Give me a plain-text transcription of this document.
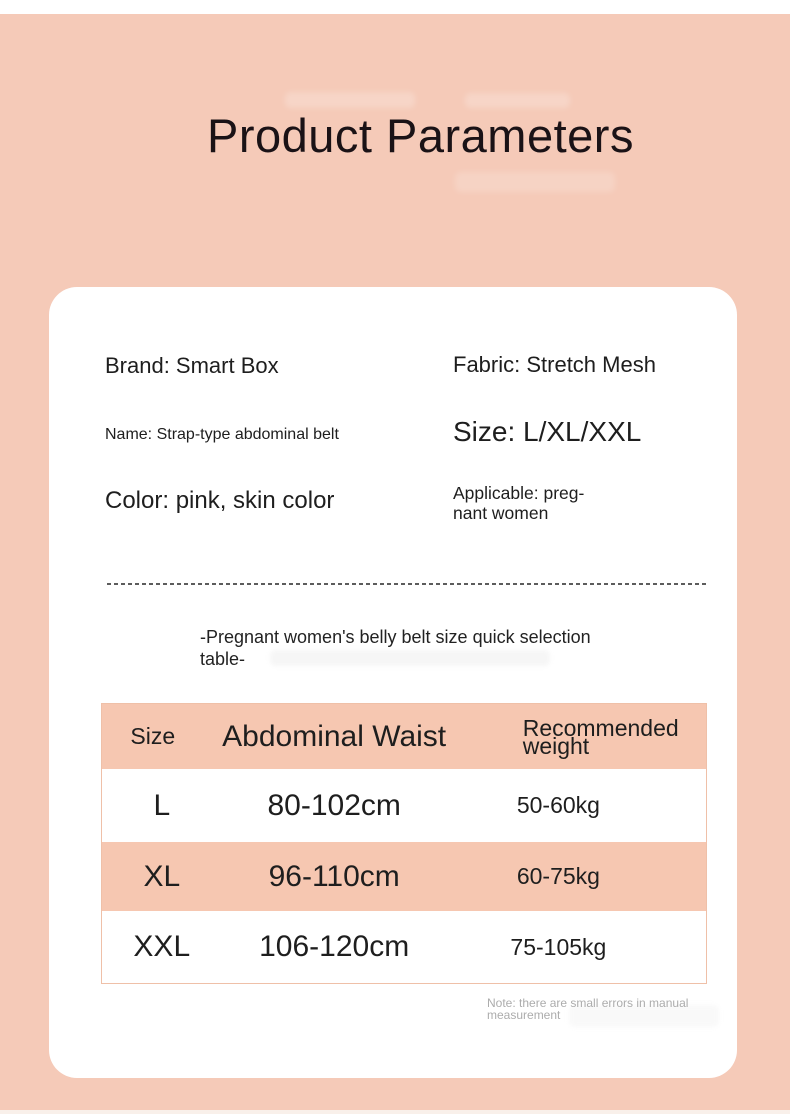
Product Parameters
Brand: Smart Box
Name: Strap-type abdominal belt
Color: pink, skin color
Fabric: Stretch Mesh
Size: L/XL/XXL
Applicable: preg-nant women
-Pregnant women's belly belt size quick selection table-
Size	Abdominal Waist	Recommended weight
L	80-102cm	50-60kg
XL	96-110cm	60-75kg
XXL	106-120cm	75-105kg
Note: there are small errors in manual measurement
